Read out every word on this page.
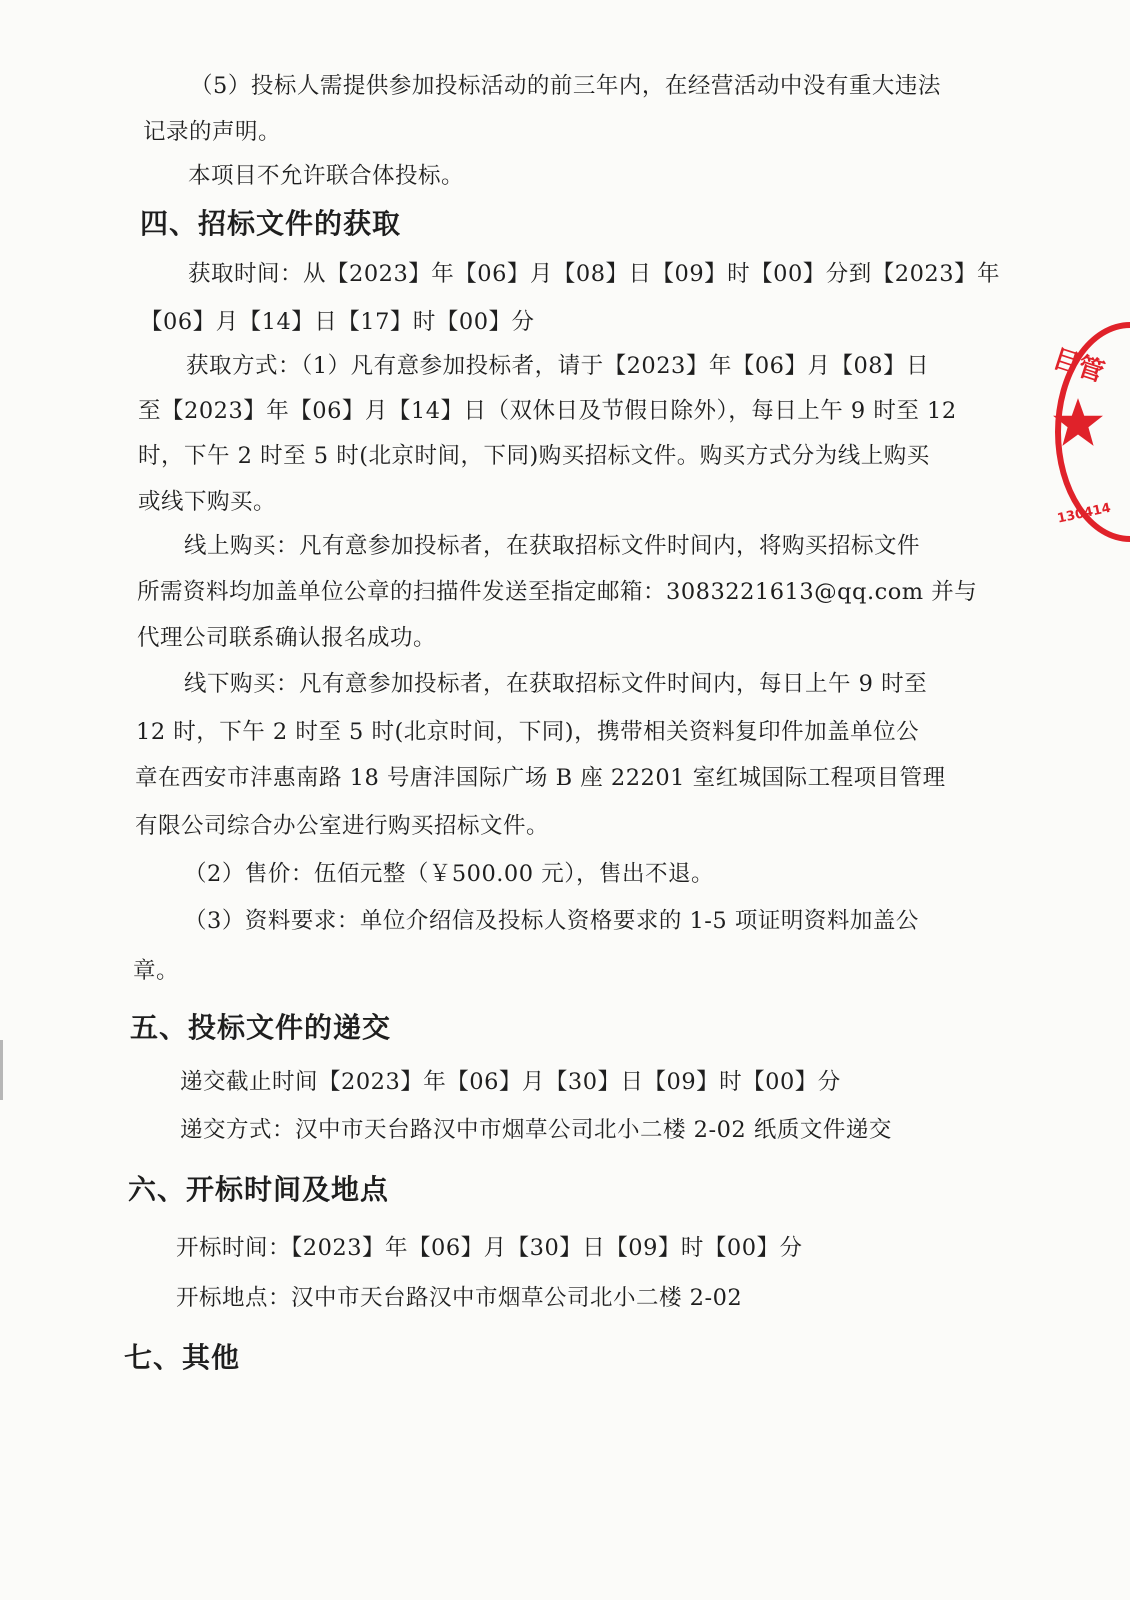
（5）投标人需提供参加投标活动的前三年内，在经营活动中没有重大违法
记录的声明。
本项目不允许联合体投标。
四、招标文件的获取
获取时间：从【2023】年【06】月【08】日【09】时【00】分到【2023】年
【06】月【14】日【17】时【00】分
获取方式：（1）凡有意参加投标者，请于【2023】年【06】月【08】日
至【2023】年【06】月【14】日（双休日及节假日除外），每日上午 9 时至 12
时，下午 2 时至 5 时(北京时间，下同)购买招标文件。购买方式分为线上购买
或线下购买。
线上购买：凡有意参加投标者，在获取招标文件时间内，将购买招标文件
所需资料均加盖单位公章的扫描件发送至指定邮箱：3083221613@qq.com 并与
代理公司联系确认报名成功。
线下购买：凡有意参加投标者，在获取招标文件时间内，每日上午 9 时至
12 时，下午 2 时至 5 时(北京时间，下同)，携带相关资料复印件加盖单位公
章在西安市沣惠南路 18 号唐沣国际广场 B 座 22201 室红城国际工程项目管理
有限公司综合办公室进行购买招标文件。
（2）售价：伍佰元整（￥500.00 元），售出不退。
（3）资料要求：单位介绍信及投标人资格要求的 1-5 项证明资料加盖公
章。
五、投标文件的递交
递交截止时间【2023】年【06】月【30】日【09】时【00】分
递交方式：汉中市天台路汉中市烟草公司北小二楼 2-02 纸质文件递交
六、开标时间及地点
开标时间：【2023】年【06】月【30】日【09】时【00】分
开标地点：汉中市天台路汉中市烟草公司北小二楼 2-02
七、其他
目管
130414
